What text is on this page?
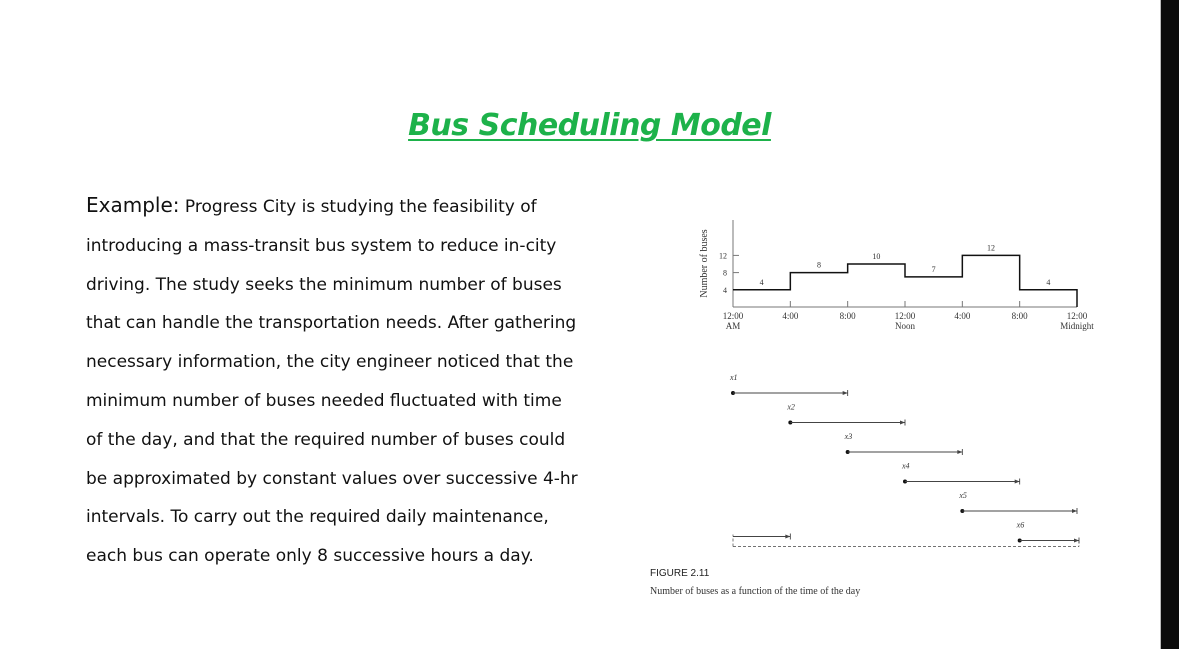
Bus Scheduling Model
Example: Progress City is studying the feasibility of
introducing a mass-transit bus system to reduce in-city
driving. The study seeks the minimum number of buses
that can handle the transportation needs. After gathering
necessary information, the city engineer noticed that the
minimum number of buses needed fluctuated with time
of the day, and that the required number of buses could
be approximated by constant values over successive 4-hr
intervals. To carry out the required daily maintenance,
each bus can operate only 8 successive hours a day.
4
8
12
Number of buses
12:00 AM
4:00	8:00	12:00 Noon
4:00	8:00	12:00 Midnight
4
8
10
7
12
4
x1
x2
x3
x4
x5
x6
FIGURE 2.11
Number of buses as a function of the time of the day
